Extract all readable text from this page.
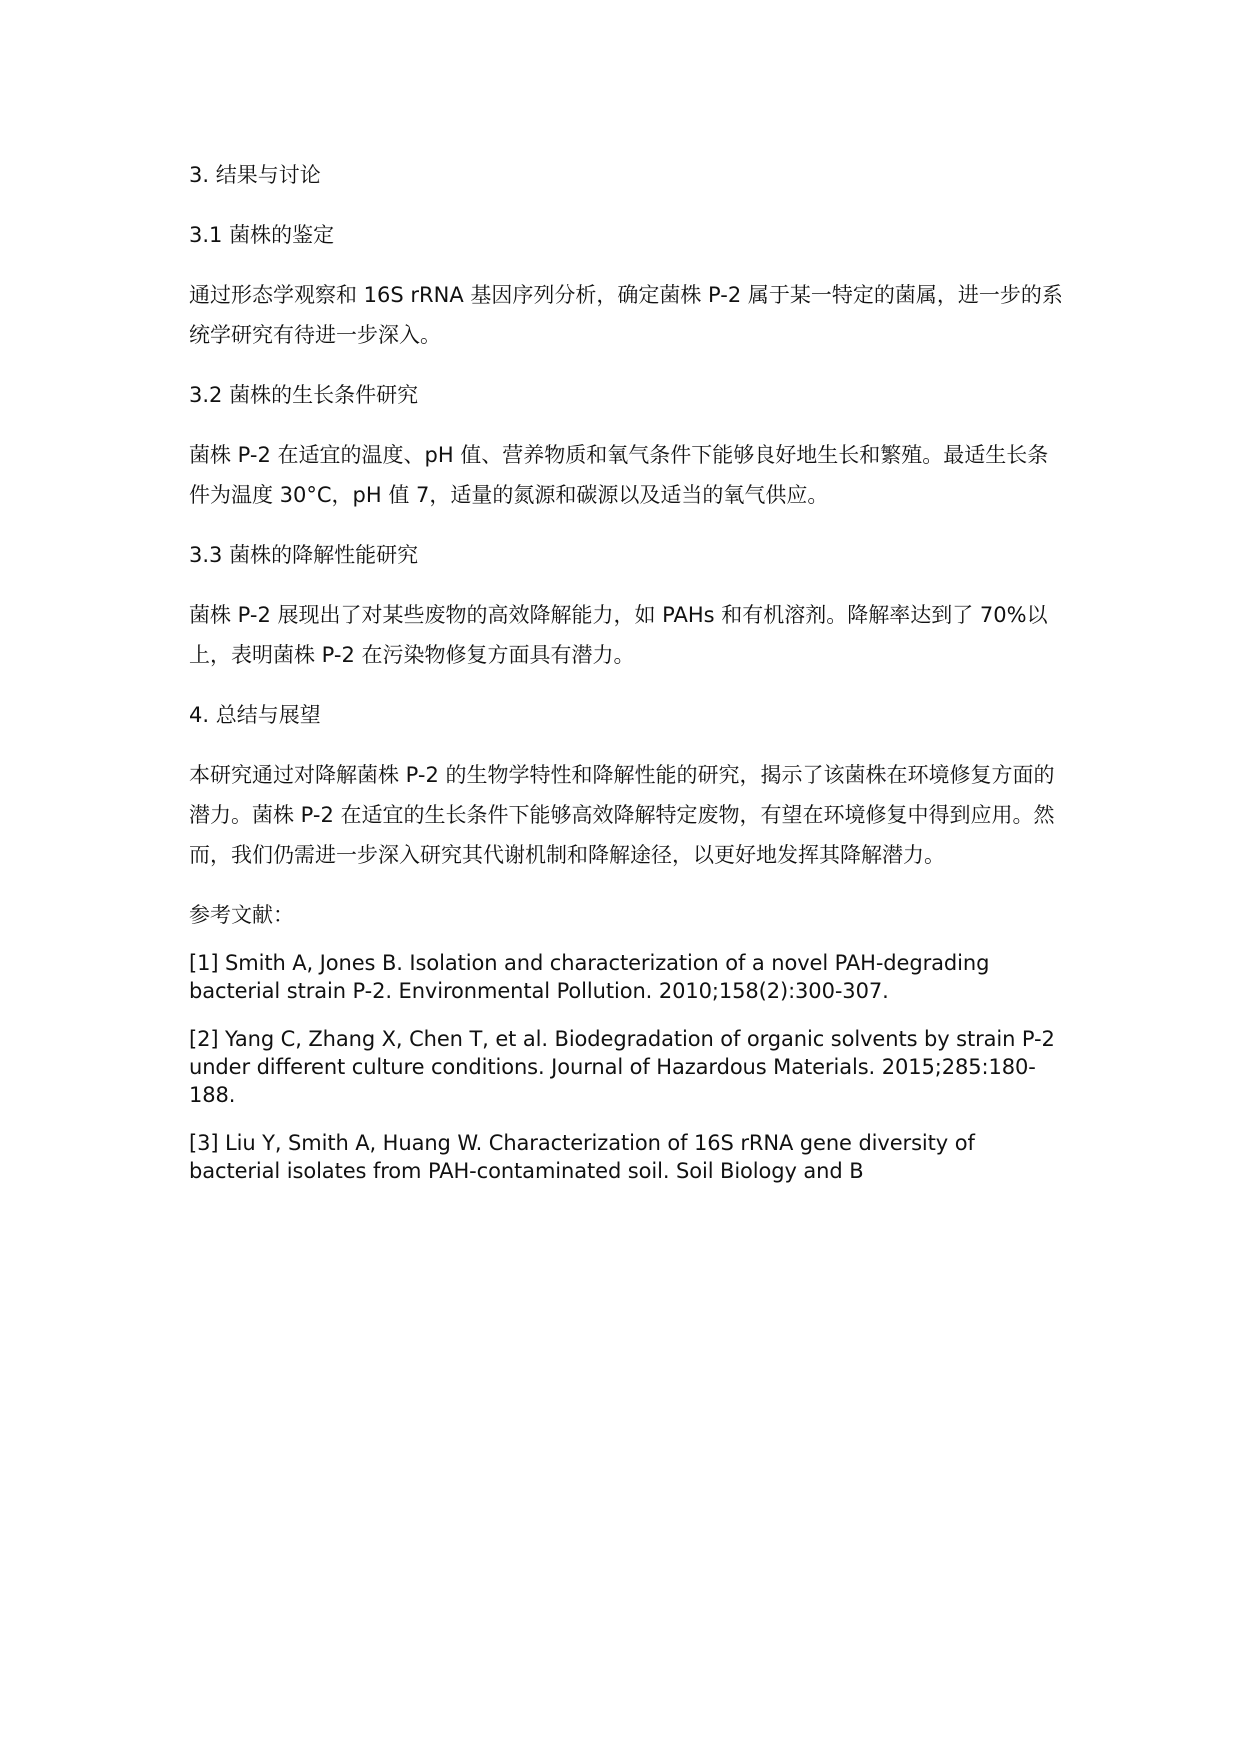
3. 结果与讨论
3.1 菌株的鉴定
通过形态学观察和 16S rRNA 基因序列分析，确定菌株 P-2 属于某一特定的菌属，进一步的系统学研究有待进一步深入。
3.2 菌株的生长条件研究
菌株 P-2 在适宜的温度、pH 值、营养物质和氧气条件下能够良好地生长和繁殖。最适生长条件为温度 30°C，pH 值 7，适量的氮源和碳源以及适当的氧气供应。
3.3 菌株的降解性能研究
菌株 P-2 展现出了对某些废物的高效降解能力，如 PAHs 和有机溶剂。降解率达到了 70%以上，表明菌株 P-2 在污染物修复方面具有潜力。
4. 总结与展望
本研究通过对降解菌株 P-2 的生物学特性和降解性能的研究，揭示了该菌株在环境修复方面的潜力。菌株 P-2 在适宜的生长条件下能够高效降解特定废物，有望在环境修复中得到应用。然而，我们仍需进一步深入研究其代谢机制和降解途径，以更好地发挥其降解潜力。
参考文献：
[1] Smith A, Jones B. Isolation and characterization of a novel PAH-degrading bacterial strain P-2. Environmental Pollution. 2010;158(2):300-307.
[2] Yang C, Zhang X, Chen T, et al. Biodegradation of organic solvents by strain P-2 under different culture conditions. Journal of Hazardous Materials. 2015;285:180-188.
[3] Liu Y, Smith A, Huang W. Characterization of 16S rRNA gene diversity of bacterial isolates from PAH-contaminated soil. Soil Biology and B
